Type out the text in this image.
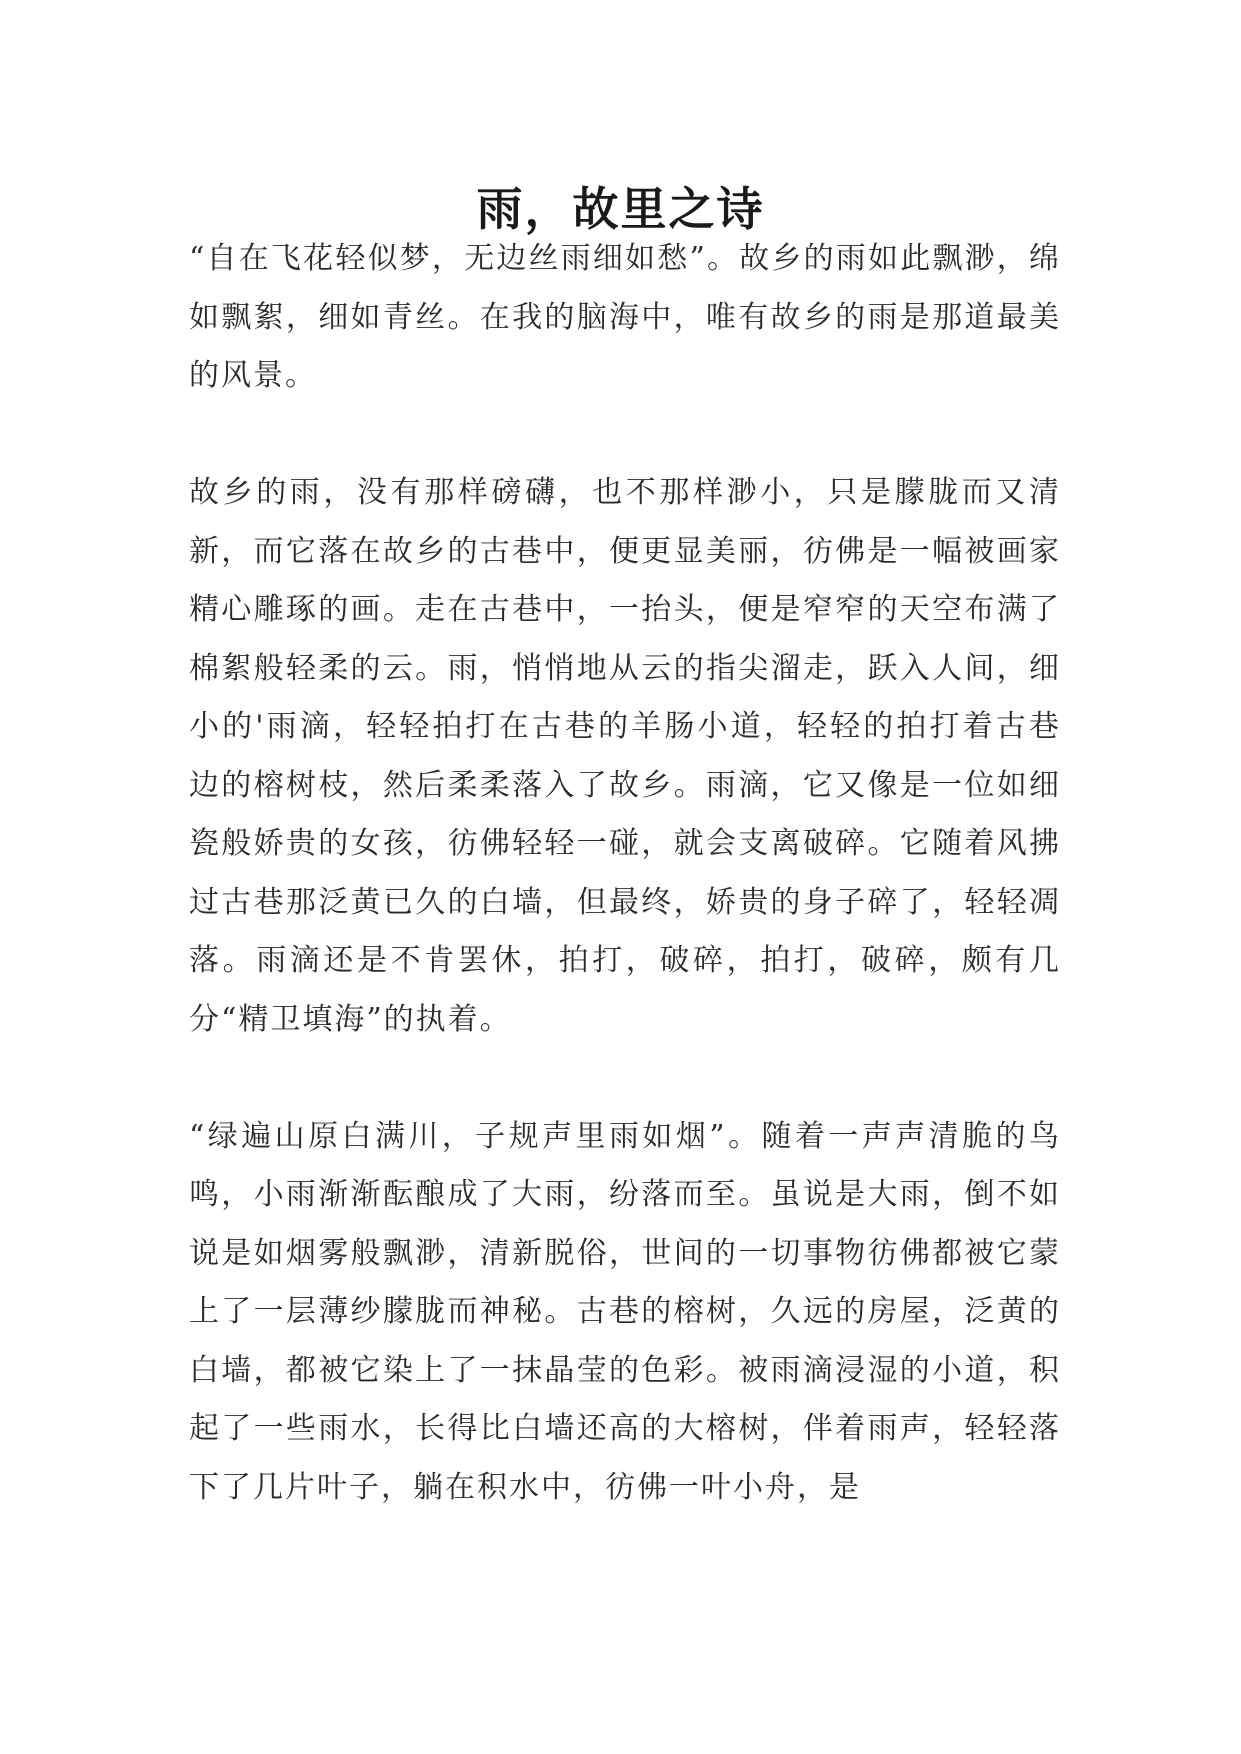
雨，故里之诗

“自在飞花轻似梦，无边丝雨细如愁”。故乡的雨如此飘渺，绵如飘絮，细如青丝。在我的脑海中，唯有故乡的雨是那道最美的风景。

故乡的雨，没有那样磅礴，也不那样渺小，只是朦胧而又清新，而它落在故乡的古巷中，便更显美丽，彷佛是一幅被画家精心雕琢的画。走在古巷中，一抬头，便是窄窄的天空布满了棉絮般轻柔的云。雨，悄悄地从云的指尖溜走，跃入人间，细小的'雨滴，轻轻拍打在古巷的羊肠小道，轻轻的拍打着古巷边的榕树枝，然后柔柔落入了故乡。雨滴，它又像是一位如细瓷般娇贵的女孩，彷佛轻轻一碰，就会支离破碎。它随着风拂过古巷那泛黄已久的白墙，但最终，娇贵的身子碎了，轻轻凋落。雨滴还是不肯罢休，拍打，破碎，拍打，破碎，颇有几分“精卫填海”的执着。

“绿遍山原白满川，子规声里雨如烟”。随着一声声清脆的鸟鸣，小雨渐渐酝酿成了大雨，纷落而至。虽说是大雨，倒不如说是如烟雾般飘渺，清新脱俗，世间的一切事物彷佛都被它蒙上了一层薄纱朦胧而神秘。古巷的榕树，久远的房屋，泛黄的白墙，都被它染上了一抹晶莹的色彩。被雨滴浸湿的小道，积起了一些雨水，长得比白墙还高的大榕树，伴着雨声，轻轻落下了几片叶子，躺在积水中，彷佛一叶小舟，是
